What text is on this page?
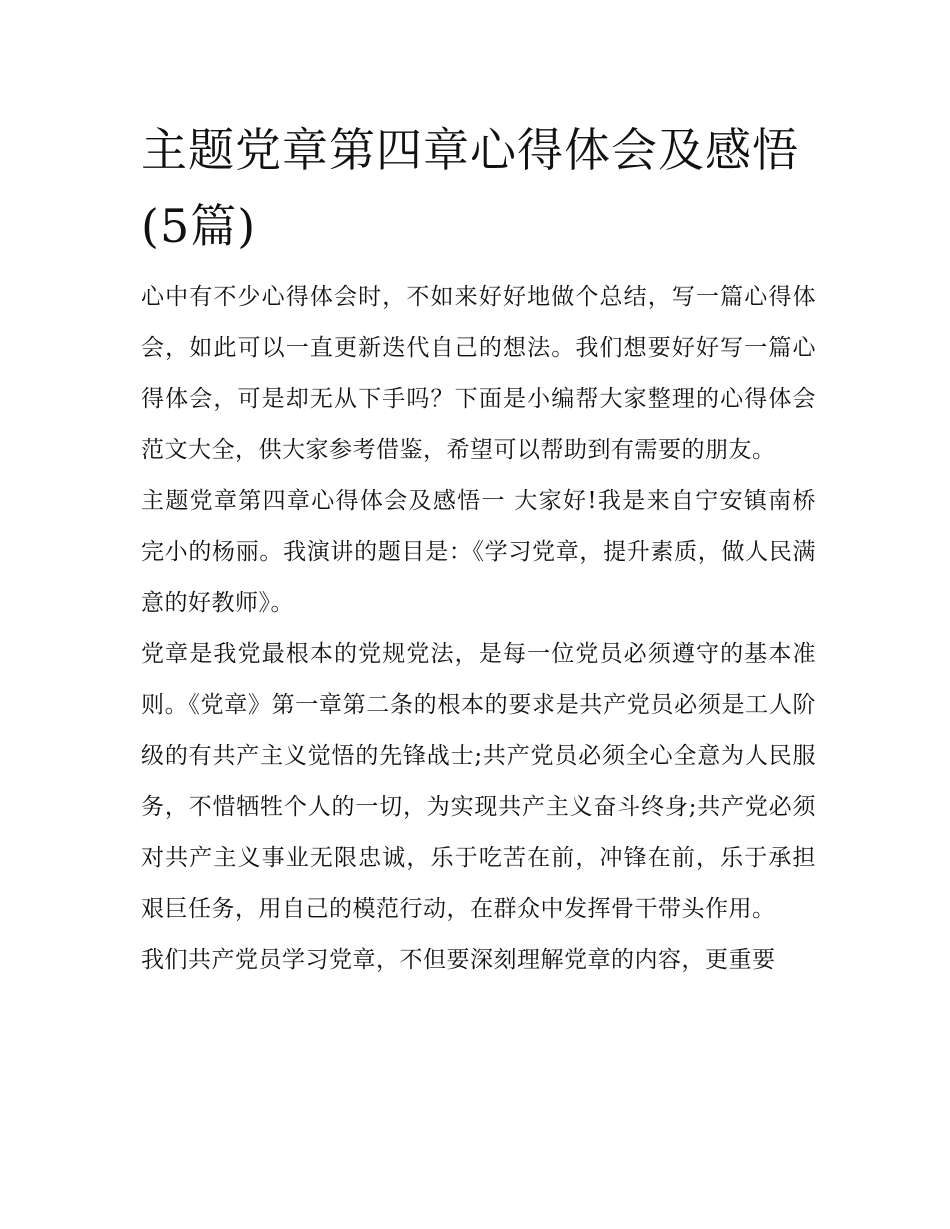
主题党章第四章心得体会及感悟(5篇)

心中有不少心得体会时，不如来好好地做个总结，写一篇心得体会，如此可以一直更新迭代自己的想法。我们想要好好写一篇心得体会，可是却无从下手吗？下面是小编帮大家整理的心得体会范文大全，供大家参考借鉴，希望可以帮助到有需要的朋友。

主题党章第四章心得体会及感悟一 大家好!我是来自宁安镇南桥完小的杨丽。我演讲的题目是：《学习党章，提升素质，做人民满意的好教师》。

党章是我党最根本的党规党法，是每一位党员必须遵守的基本准则。《党章》第一章第二条的根本的要求是共产党员必须是工人阶级的有共产主义觉悟的先锋战士;共产党员必须全心全意为人民服务，不惜牺牲个人的一切，为实现共产主义奋斗终身;共产党必须对共产主义事业无限忠诚，乐于吃苦在前，冲锋在前，乐于承担艰巨任务，用自己的模范行动，在群众中发挥骨干带头作用。

我们共产党员学习党章，不但要深刻理解党章的内容，更重要
